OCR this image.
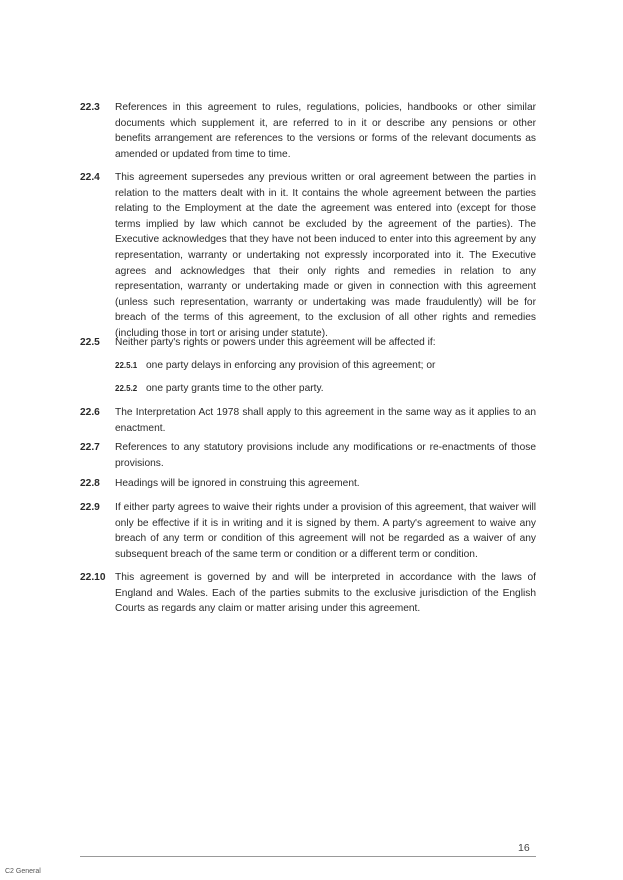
22.3	References in this agreement to rules, regulations, policies, handbooks or other similar documents which supplement it, are referred to in it or describe any pensions or other benefits arrangement are references to the versions or forms of the relevant documents as amended or updated from time to time.
22.4	This agreement supersedes any previous written or oral agreement between the parties in relation to the matters dealt with in it. It contains the whole agreement between the parties relating to the Employment at the date the agreement was entered into (except for those terms implied by law which cannot be excluded by the agreement of the parties). The Executive acknowledges that they have not been induced to enter into this agreement by any representation, warranty or undertaking not expressly incorporated into it. The Executive agrees and acknowledges that their only rights and remedies in relation to any representation, warranty or undertaking made or given in connection with this agreement (unless such representation, warranty or undertaking was made fraudulently) will be for breach of the terms of this agreement, to the exclusion of all other rights and remedies (including those in tort or arising under statute).
22.5	Neither party's rights or powers under this agreement will be affected if:
22.5.1 one party delays in enforcing any provision of this agreement; or
22.5.2 one party grants time to the other party.
22.6	The Interpretation Act 1978 shall apply to this agreement in the same way as it applies to an enactment.
22.7	References to any statutory provisions include any modifications or re-enactments of those provisions.
22.8	Headings will be ignored in construing this agreement.
22.9	If either party agrees to waive their rights under a provision of this agreement, that waiver will only be effective if it is in writing and it is signed by them. A party's agreement to waive any breach of any term or condition of this agreement will not be regarded as a waiver of any subsequent breach of the same term or condition or a different term or condition.
22.10 This agreement is governed by and will be interpreted in accordance with the laws of England and Wales. Each of the parties submits to the exclusive jurisdiction of the English Courts as regards any claim or matter arising under this agreement.
16
C2 General
